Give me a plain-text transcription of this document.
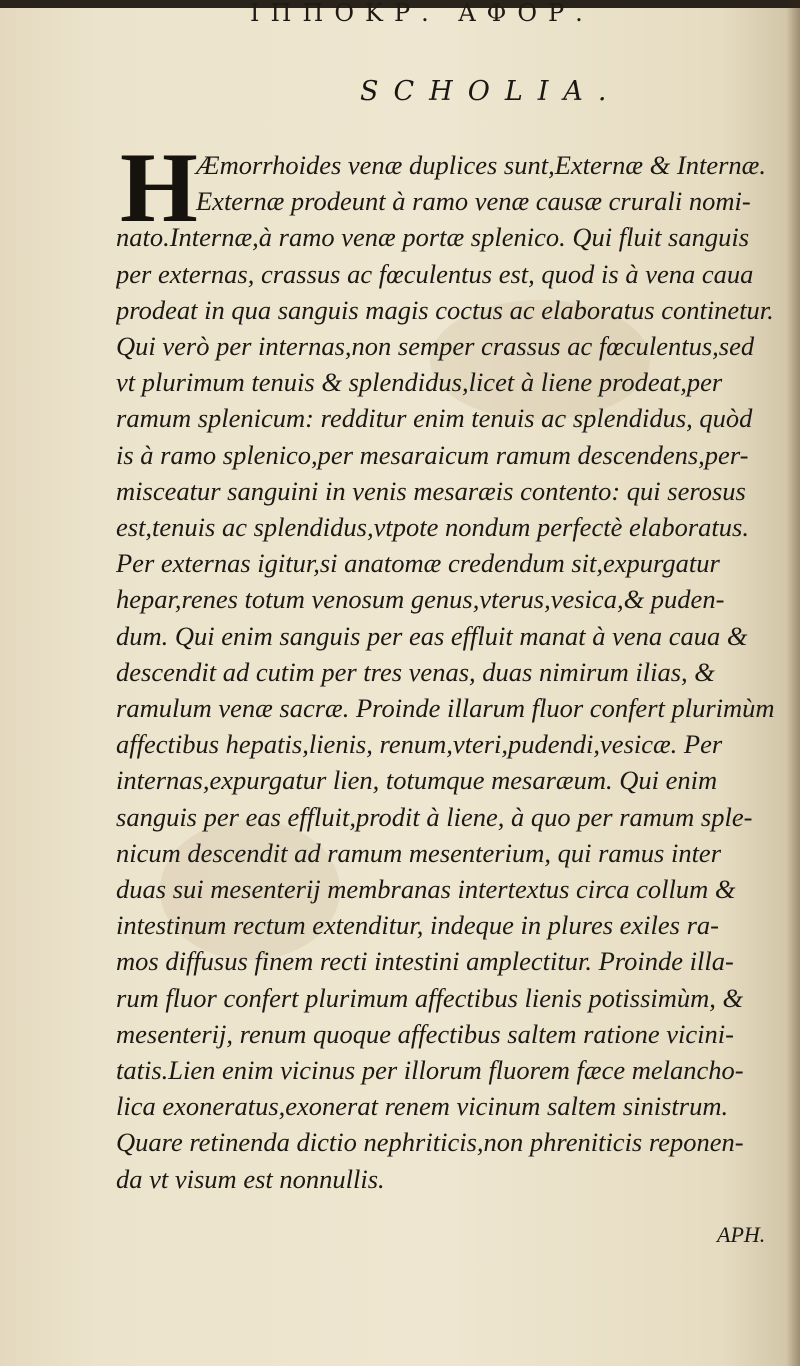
ΙΠΠΟΚΡ. ΑΦΟΡ.
SCHOLIA.
H
Æmorrhoides venæ duplices sunt,Externæ & Internæ.
Externæ prodeunt à ramo venæ causæ crurali nomi-
nato.Internæ,à ramo venæ portæ splenico. Qui fluit sanguis
per externas, crassus ac fœculentus est, quod is à vena caua
prodeat in qua sanguis magis coctus ac elaboratus continetur.
Qui verò per internas,non semper crassus ac fœculentus,sed
vt plurimum tenuis & splendidus,licet à liene prodeat,per
ramum splenicum: redditur enim tenuis ac splendidus, quòd
is à ramo splenico,per mesaraicum ramum descendens,per-
misceatur sanguini in venis mesaræis contento: qui serosus
est,tenuis ac splendidus,vtpote nondum perfectè elaboratus.
Per externas igitur,si anatomæ credendum sit,expurgatur
hepar,renes totum venosum genus,vterus,vesica,& puden-
dum. Qui enim sanguis per eas effluit manat à vena caua &
descendit ad cutim per tres venas, duas nimirum ilias, &
ramulum venæ sacræ. Proinde illarum fluor confert plurimùm
affectibus hepatis,lienis, renum,vteri,pudendi,vesicæ. Per
internas,expurgatur lien, totumque mesaræum. Qui enim
sanguis per eas effluit,prodit à liene, à quo per ramum sple-
nicum descendit ad ramum mesenterium, qui ramus inter
duas sui mesenterij membranas intertextus circa collum &
intestinum rectum extenditur, indeque in plures exiles ra-
mos diffusus finem recti intestini amplectitur. Proinde illa-
rum fluor confert plurimum affectibus lienis potissimùm, &
mesenterij, renum quoque affectibus saltem ratione vicini-
tatis.Lien enim vicinus per illorum fluorem fæce melancho-
lica exoneratus,exonerat renem vicinum saltem sinistrum.
Quare retinenda dictio nephriticis,non phreniticis reponen-
da vt visum est nonnullis.
APH.
